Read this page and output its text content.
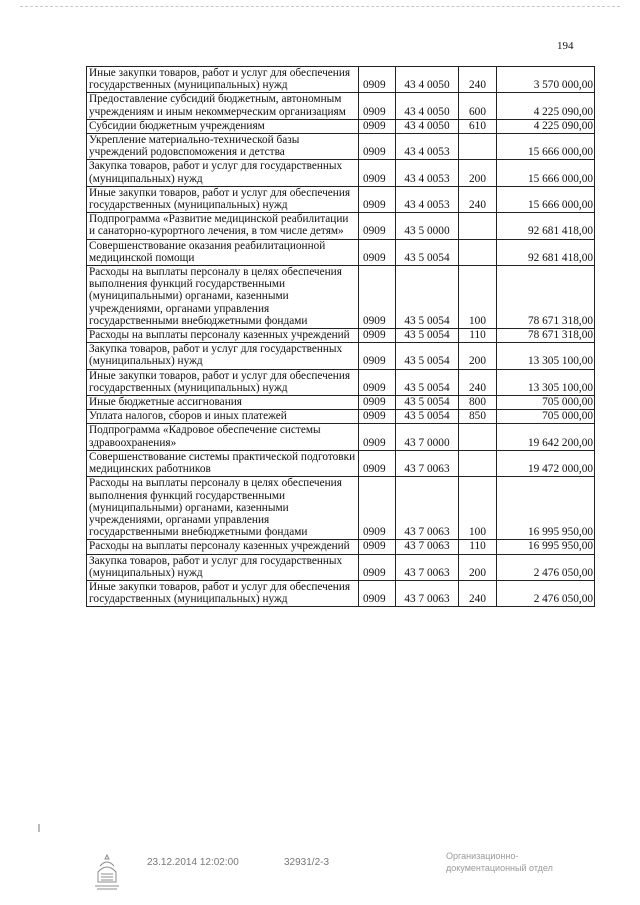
194
Иные закупки товаров, работ и услуг для обеспечения государственных (муниципальных) нужд	0909	43 4 0050	240	3 570 000,00
Предоставление субсидий бюджетным, автономным учреждениям и иным некоммерческим организациям	0909	43 4 0050	600	4 225 090,00
Субсидии бюджетным учреждениям	0909	43 4 0050	610	4 225 090,00
Укрепление материально-технической базы учреждений родовспоможения и детства	0909	43 4 0053		15 666 000,00
Закупка товаров, работ и услуг для государственных (муниципальных) нужд	0909	43 4 0053	200	15 666 000,00
Иные закупки товаров, работ и услуг для обеспечения государственных (муниципальных) нужд	0909	43 4 0053	240	15 666 000,00
Подпрограмма «Развитие медицинской реабилитации и санаторно-курортного лечения, в том числе детям»	0909	43 5 0000		92 681 418,00
Совершенствование оказания реабилитационной медицинской помощи	0909	43 5 0054		92 681 418,00
Расходы на выплаты персоналу в целях обеспечения выполнения функций государственными (муниципальными) органами, казенными учреждениями, органами управления государственными внебюджетными фондами	0909	43 5 0054	100	78 671 318,00
Расходы на выплаты персоналу казенных учреждений	0909	43 5 0054	110	78 671 318,00
Закупка товаров, работ и услуг для государственных (муниципальных) нужд	0909	43 5 0054	200	13 305 100,00
Иные закупки товаров, работ и услуг для обеспечения государственных (муниципальных) нужд	0909	43 5 0054	240	13 305 100,00
Иные бюджетные ассигнования	0909	43 5 0054	800	705 000,00
Уплата налогов, сборов и иных платежей	0909	43 5 0054	850	705 000,00
Подпрограмма «Кадровое обеспечение системы здравоохранения»	0909	43 7 0000		19 642 200,00
Совершенствование системы практической подготовки медицинских работников	0909	43 7 0063		19 472 000,00
Расходы на выплаты персоналу в целях обеспечения выполнения функций государственными (муниципальными) органами, казенными учреждениями, органами управления государственными внебюджетными фондами	0909	43 7 0063	100	16 995 950,00
Расходы на выплаты персоналу казенных учреждений	0909	43 7 0063	110	16 995 950,00
Закупка товаров, работ и услуг для государственных (муниципальных) нужд	0909	43 7 0063	200	2 476 050,00
Иные закупки товаров, работ и услуг для обеспечения государственных (муниципальных) нужд	0909	43 7 0063	240	2 476 050,00
23.12.2014 12:02:00	32931/2-3
Организационно-документационный отдел
